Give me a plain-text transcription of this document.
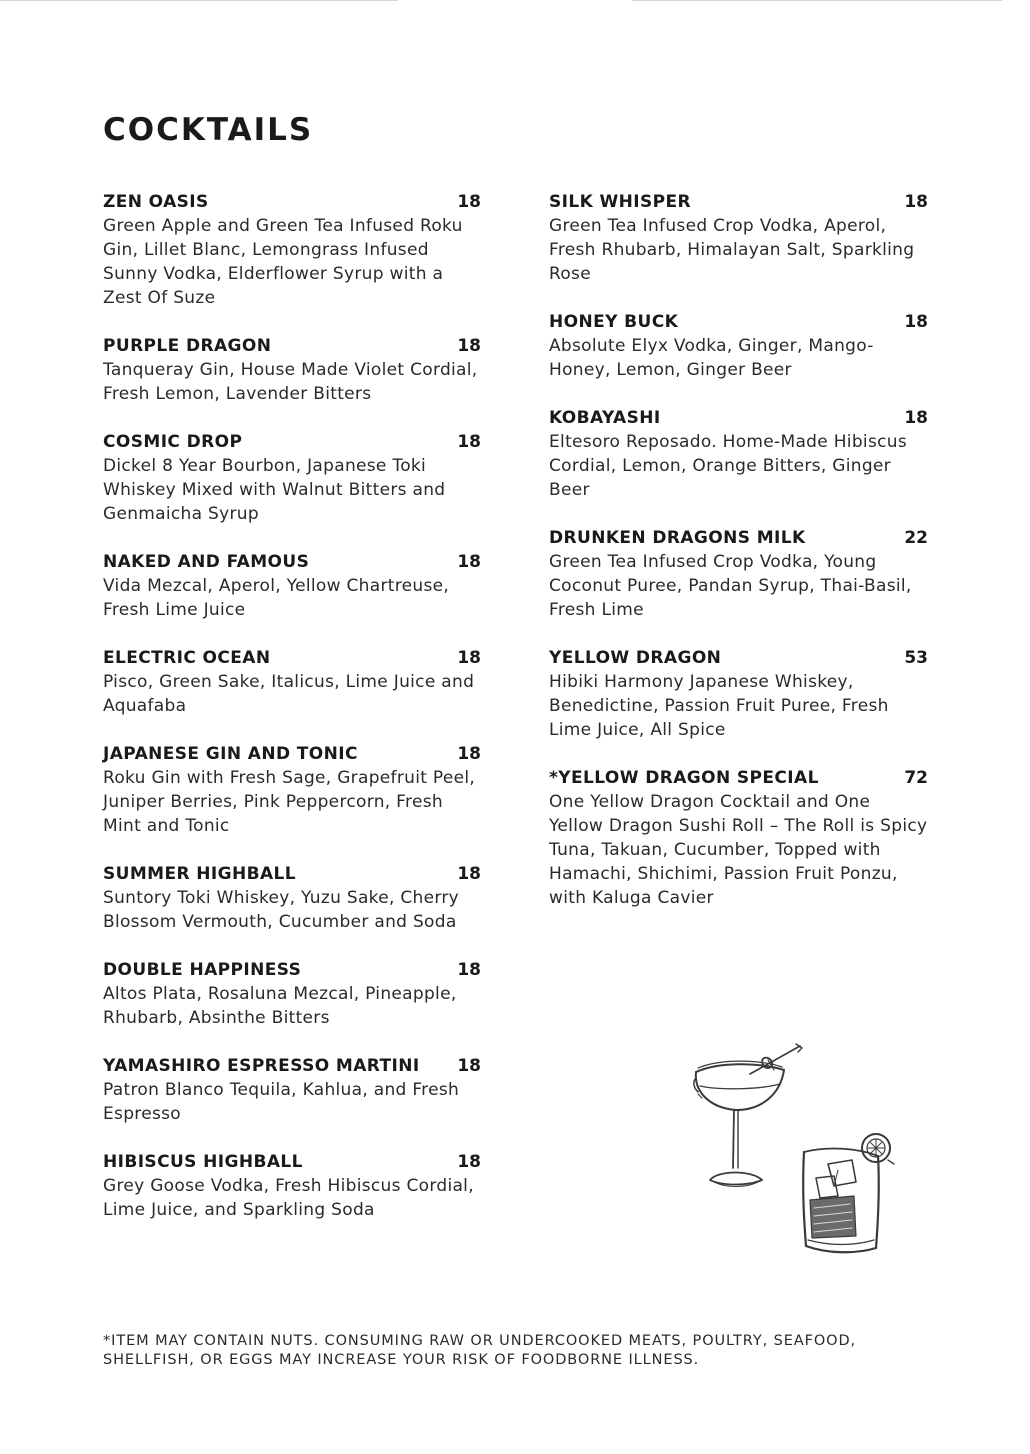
COCKTAILS
ZEN OASIS	18
Green Apple and Green Tea Infused Roku Gin, Lillet Blanc, Lemongrass Infused Sunny Vodka, Elderflower Syrup with a Zest Of Suze
PURPLE DRAGON	18
Tanqueray Gin, House Made Violet Cordial, Fresh Lemon, Lavender Bitters
COSMIC DROP	18
Dickel 8 Year Bourbon, Japanese Toki Whiskey Mixed with Walnut Bitters and Genmaicha Syrup
NAKED AND FAMOUS	18
Vida Mezcal, Aperol, Yellow Chartreuse, Fresh Lime Juice
ELECTRIC OCEAN	18
Pisco, Green Sake, Italicus, Lime Juice and Aquafaba
JAPANESE GIN AND TONIC	18
Roku Gin with Fresh Sage, Grapefruit Peel, Juniper Berries, Pink Peppercorn, Fresh Mint and Tonic
SUMMER HIGHBALL	18
Suntory Toki Whiskey, Yuzu Sake, Cherry Blossom Vermouth, Cucumber and Soda
DOUBLE HAPPINESS	18
Altos Plata, Rosaluna Mezcal, Pineapple, Rhubarb, Absinthe Bitters
YAMASHIRO ESPRESSO MARTINI 18
Patron Blanco Tequila, Kahlua, and Fresh Espresso
HIBISCUS HIGHBALL	18
Grey Goose Vodka, Fresh Hibiscus Cordial, Lime Juice, and Sparkling Soda
SILK WHISPER	18
Green Tea Infused Crop Vodka, Aperol, Fresh Rhubarb, Himalayan Salt, Sparkling Rose
HONEY BUCK	18
Absolute Elyx Vodka, Ginger, Mango-Honey, Lemon, Ginger Beer
KOBAYASHI	18
Eltesoro Reposado. Home-Made Hibiscus Cordial, Lemon, Orange Bitters, Ginger Beer
DRUNKEN DRAGONS MILK	22
Green Tea Infused Crop Vodka, Young Coconut Puree, Pandan Syrup, Thai-Basil, Fresh Lime
YELLOW DRAGON	53
Hibiki Harmony Japanese Whiskey, Benedictine, Passion Fruit Puree, Fresh Lime Juice, All Spice
*YELLOW DRAGON SPECIAL	72
One Yellow Dragon Cocktail and One Yellow Dragon Sushi Roll – The Roll is Spicy Tuna, Takuan, Cucumber, Topped with Hamachi, Shichimi, Passion Fruit Ponzu, with Kaluga Cavier
*ITEM MAY CONTAIN NUTS. CONSUMING RAW OR UNDERCOOKED MEATS, POULTRY, SEAFOOD, SHELLFISH, OR EGGS MAY INCREASE YOUR RISK OF FOODBORNE ILLNESS.
